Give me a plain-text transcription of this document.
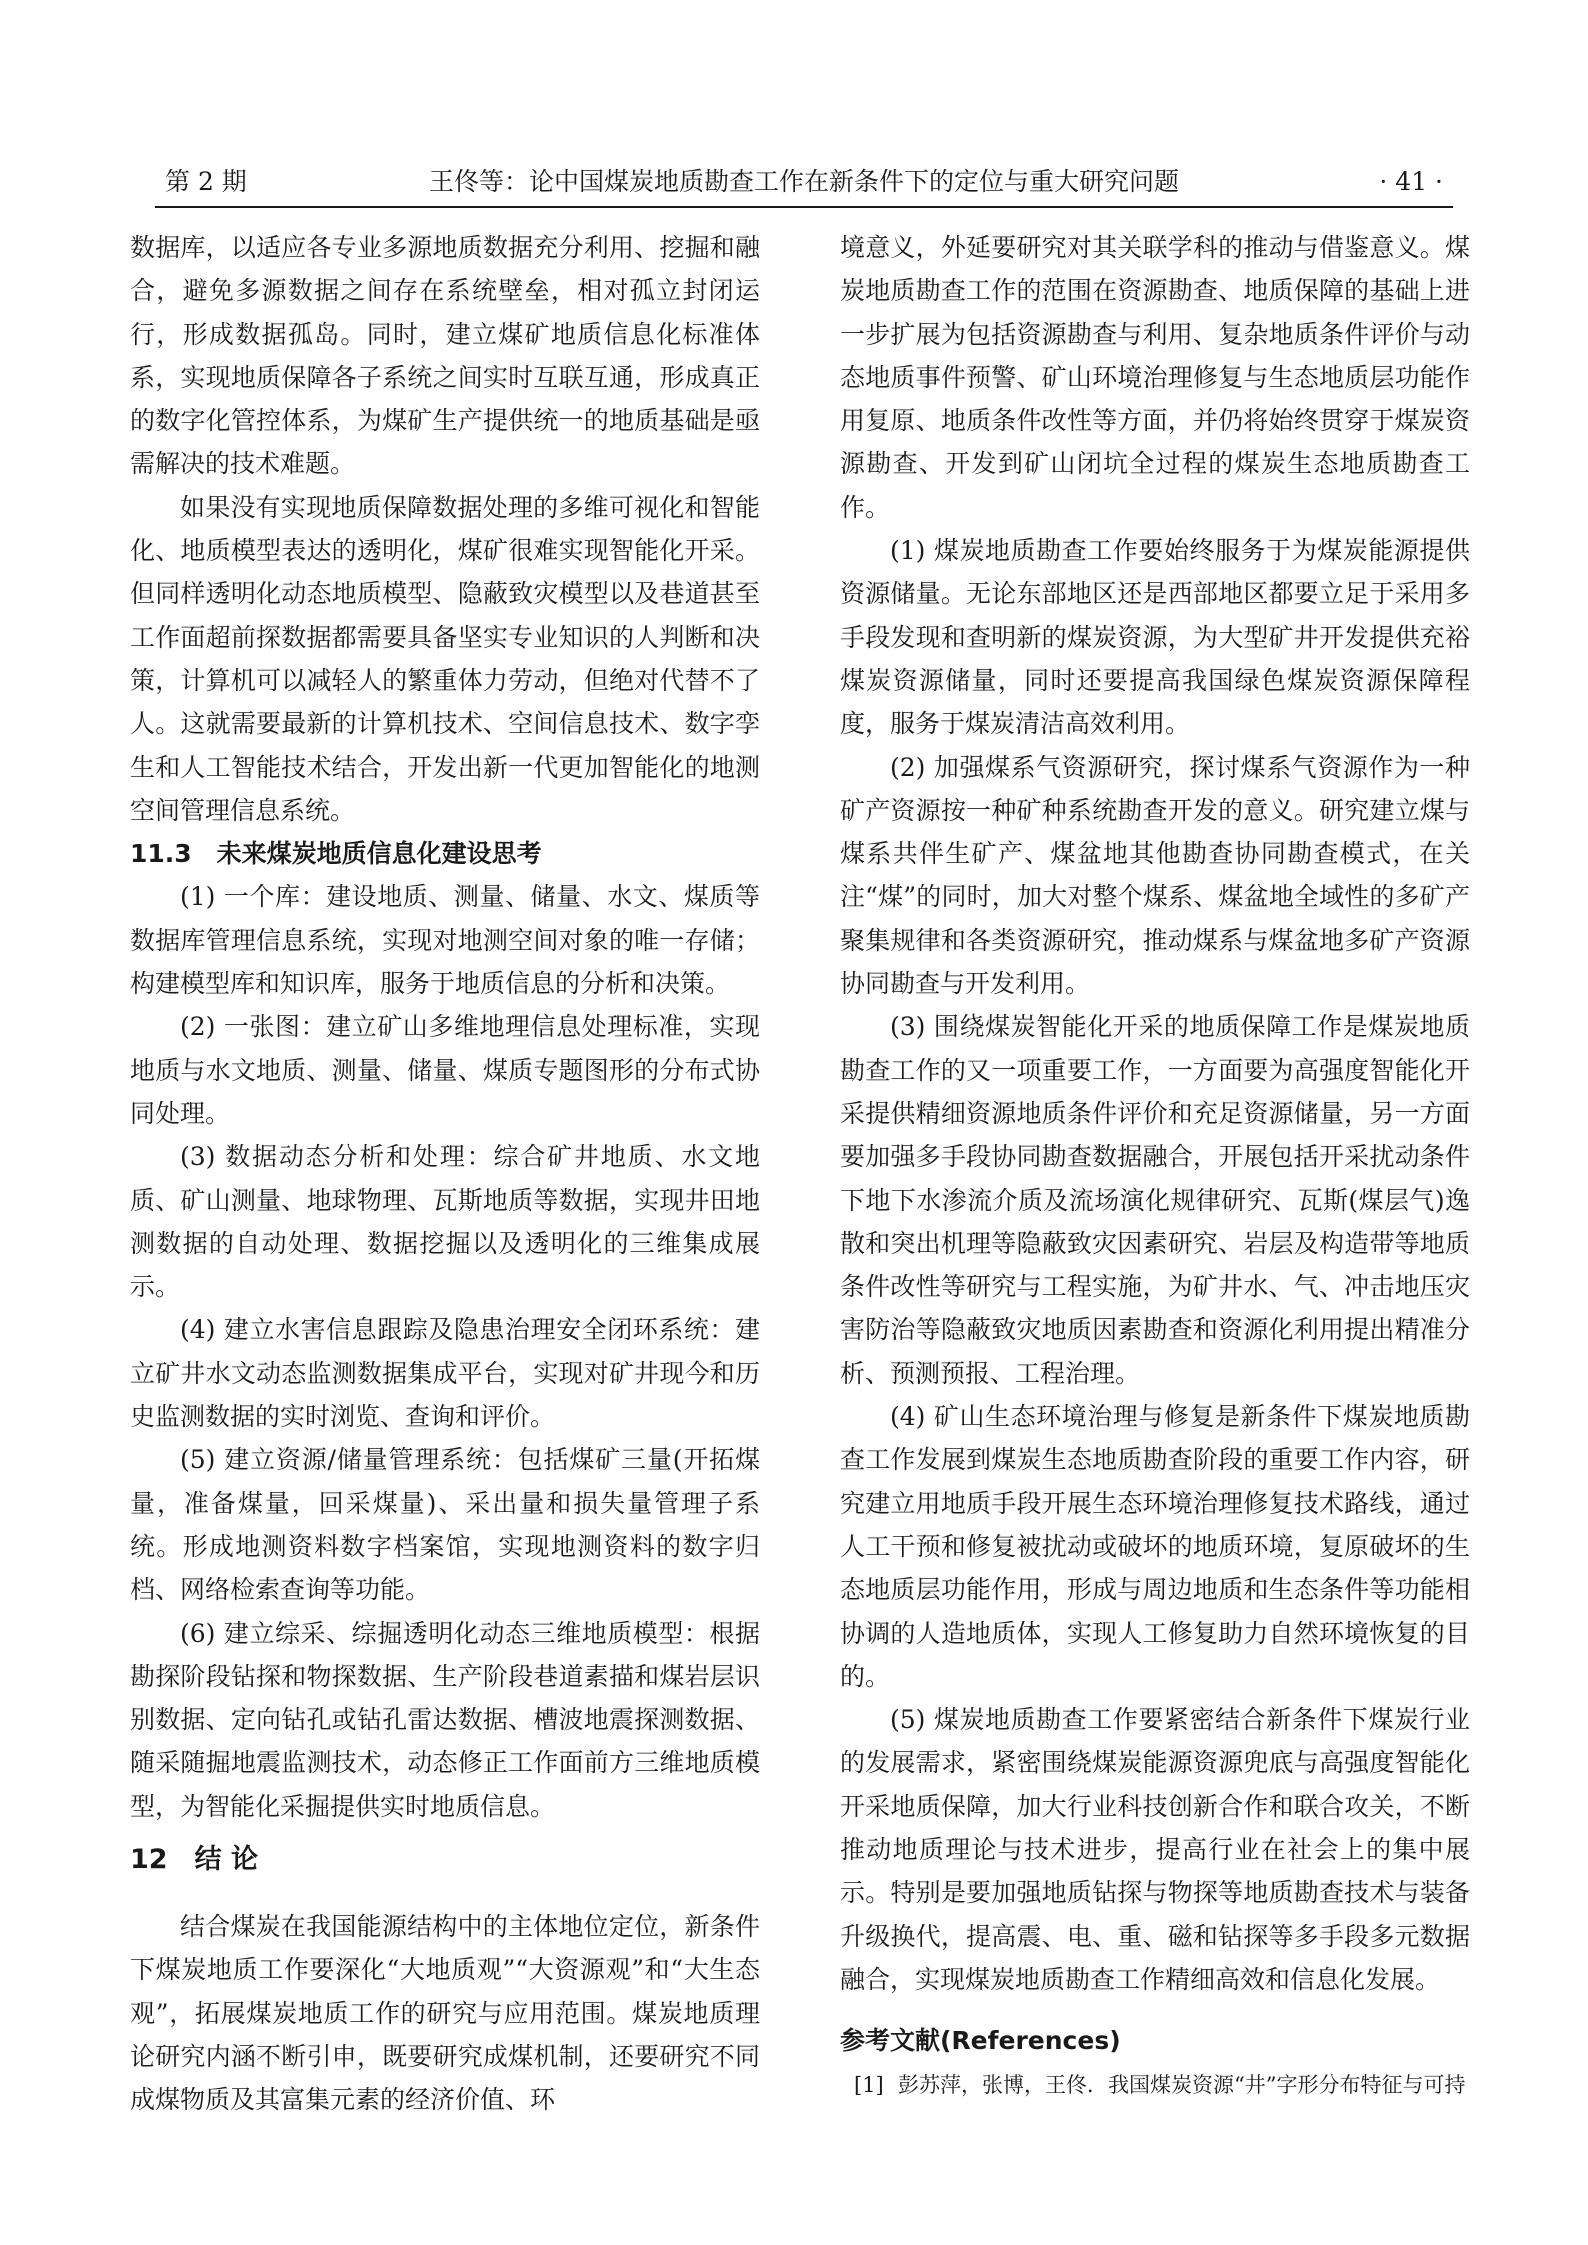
第 2 期	王佟等：论中国煤炭地质勘查工作在新条件下的定位与重大研究问题	· 41 ·

数据库，以适应各专业多源地质数据充分利用、挖掘和融合，避免多源数据之间存在系统壁垒，相对孤立封闭运行，形成数据孤岛。同时，建立煤矿地质信息化标准体系，实现地质保障各子系统之间实时互联互通，形成真正的数字化管控体系，为煤矿生产提供统一的地质基础是亟需解决的技术难题。

如果没有实现地质保障数据处理的多维可视化和智能化、地质模型表达的透明化，煤矿很难实现智能化开采。但同样透明化动态地质模型、隐蔽致灾模型以及巷道甚至工作面超前探数据都需要具备坚实专业知识的人判断和决策，计算机可以减轻人的繁重体力劳动，但绝对代替不了人。这就需要最新的计算机技术、空间信息技术、数字孪生和人工智能技术结合，开发出新一代更加智能化的地测空间管理信息系统。

11.3　未来煤炭地质信息化建设思考

(1) 一个库：建设地质、测量、储量、水文、煤质等数据库管理信息系统，实现对地测空间对象的唯一存储；构建模型库和知识库，服务于地质信息的分析和决策。

(2) 一张图：建立矿山多维地理信息处理标准，实现地质与水文地质、测量、储量、煤质专题图形的分布式协同处理。

(3) 数据动态分析和处理：综合矿井地质、水文地质、矿山测量、地球物理、瓦斯地质等数据，实现井田地测数据的自动处理、数据挖掘以及透明化的三维集成展示。

(4) 建立水害信息跟踪及隐患治理安全闭环系统：建立矿井水文动态监测数据集成平台，实现对矿井现今和历史监测数据的实时浏览、查询和评价。

(5) 建立资源/储量管理系统：包括煤矿三量(开拓煤量，准备煤量，回采煤量)、采出量和损失量管理子系统。形成地测资料数字档案馆，实现地测资料的数字归档、网络检索查询等功能。

(6) 建立综采、综掘透明化动态三维地质模型：根据勘探阶段钻探和物探数据、生产阶段巷道素描和煤岩层识别数据、定向钻孔或钻孔雷达数据、槽波地震探测数据、随采随掘地震监测技术，动态修正工作面前方三维地质模型，为智能化采掘提供实时地质信息。

12　结 论

结合煤炭在我国能源结构中的主体地位定位，新条件下煤炭地质工作要深化“大地质观”“大资源观”和“大生态观”，拓展煤炭地质工作的研究与应用范围。煤炭地质理论研究内涵不断引申，既要研究成煤机制，还要研究不同成煤物质及其富集元素的经济价值、环

境意义，外延要研究对其关联学科的推动与借鉴意义。煤炭地质勘查工作的范围在资源勘查、地质保障的基础上进一步扩展为包括资源勘查与利用、复杂地质条件评价与动态地质事件预警、矿山环境治理修复与生态地质层功能作用复原、地质条件改性等方面，并仍将始终贯穿于煤炭资源勘查、开发到矿山闭坑全过程的煤炭生态地质勘查工作。

(1) 煤炭地质勘查工作要始终服务于为煤炭能源提供资源储量。无论东部地区还是西部地区都要立足于采用多手段发现和查明新的煤炭资源，为大型矿井开发提供充裕煤炭资源储量，同时还要提高我国绿色煤炭资源保障程度，服务于煤炭清洁高效利用。

(2) 加强煤系气资源研究，探讨煤系气资源作为一种矿产资源按一种矿种系统勘查开发的意义。研究建立煤与煤系共伴生矿产、煤盆地其他勘查协同勘查模式，在关注“煤”的同时，加大对整个煤系、煤盆地全域性的多矿产聚集规律和各类资源研究，推动煤系与煤盆地多矿产资源协同勘查与开发利用。

(3) 围绕煤炭智能化开采的地质保障工作是煤炭地质勘查工作的又一项重要工作，一方面要为高强度智能化开采提供精细资源地质条件评价和充足资源储量，另一方面要加强多手段协同勘查数据融合，开展包括开采扰动条件下地下水渗流介质及流场演化规律研究、瓦斯(煤层气)逸散和突出机理等隐蔽致灾因素研究、岩层及构造带等地质条件改性等研究与工程实施，为矿井水、气、冲击地压灾害防治等隐蔽致灾地质因素勘查和资源化利用提出精准分析、预测预报、工程治理。

(4) 矿山生态环境治理与修复是新条件下煤炭地质勘查工作发展到煤炭生态地质勘查阶段的重要工作内容，研究建立用地质手段开展生态环境治理修复技术路线，通过人工干预和修复被扰动或破坏的地质环境，复原破坏的生态地质层功能作用，形成与周边地质和生态条件等功能相协调的人造地质体，实现人工修复助力自然环境恢复的目的。

(5) 煤炭地质勘查工作要紧密结合新条件下煤炭行业的发展需求，紧密围绕煤炭能源资源兜底与高强度智能化开采地质保障，加大行业科技创新合作和联合攻关，不断推动地质理论与技术进步，提高行业在社会上的集中展示。特别是要加强地质钻探与物探等地质勘查技术与装备升级换代，提高震、电、重、磁和钻探等多手段多元数据融合，实现煤炭地质勘查工作精细高效和信息化发展。

参考文献(References)
[1] 彭苏萍，张博，王佟．我国煤炭资源“井”字形分布特征与可持
